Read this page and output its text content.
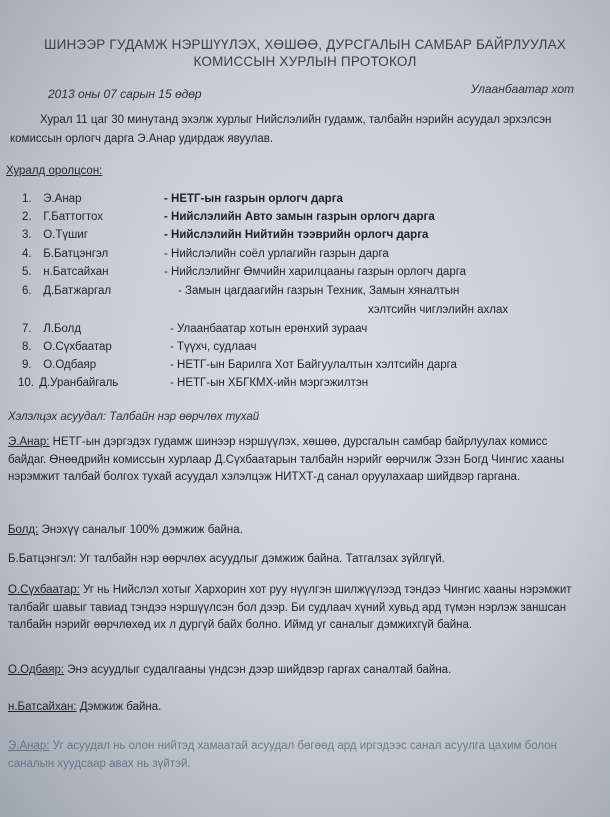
ШИНЭЭР ГУДАМЖ НЭРШҮҮЛЭХ, ХӨШӨӨ, ДУРСГАЛЫН САМБАР БАЙРЛУУЛАХ
КОМИССЫН ХУРЛЫН ПРОТОКОЛ
2013 оны 07 сарын 15 өдөр	Улаанбаатар хот
Хурал 11 цаг 30 минутанд эхэлж хурлыг Нийслэлийн гудамж, талбайн нэрийн асуудал эрхэлсэн комиссын орлогч дарга Э.Анар удирдаж явуулав.
Хуралд оролцсон:
1. Э.Анар	- НЕТГ-ын газрын орлогч дарга
2. Г.Баттогтох	- Нийслэлийн Авто замын газрын орлогч дарга
3. О.Түшиг	- Нийслэлийн Нийтийн тээврийн орлогч дарга
4. Б.Батцэнгэл	- Нийслэлийн соёл урлагийн газрын дарга
5. н.Батсайхан	- Нийслэлийнг Өмчийн харилцааны газрын орлогч дарга
6. Д.Батжаргал	- Замын цагдаагийн газрын Техник, Замын хяналтын
хэлтсийн чиглэлийн ахлах
7. Л.Болд	- Улаанбаатар хотын ерөнхий зураач
8. О.Сүхбаатар	- Түүхч, судлаач
9. О.Одбаяр	- НЕТГ-ын Барилга Хот Байгуулалтын хэлтсийн дарга
10. Д.Уранбайгаль	- НЕТГ-ын ХБГКМХ-ийн мэргэжилтэн
Хэлэлцэх асуудал: Талбайн нэр өөрчлөх тухай
Э.Анар: НЕТГ-ын дэргэдэх гудамж шинээр нэршүүлэх, хөшөө, дурсгалын самбар байрлуулах комисс байдаг. Өнөөдрийн комиссын хурлаар Д.Сүхбаатарын талбайн нэрийг өөрчилж Эзэн Богд Чингис хааны нэрэмжит талбай болгох тухай асуудал хэлэлцэж НИТХТ-д санал оруулахаар шийдвэр гаргана.
Болд: Энэхүү саналыг 100% дэмжиж байна.
Б.Батцэнгэл: Уг талбайн нэр өөрчлөх асуудлыг дэмжиж байна. Татгалзах зүйлгүй.
О.Сүхбаатар: Уг нь Нийслэл хотыг Хархорин хот руу нүүлгэн шилжүүлээд тэндээ Чингис хааны нэрэмжит талбайг шавыг тавиад тэндээ нэршүүлсэн бол дээр. Би судлаач хүний хувьд ард түмэн нэрлэж заншсан талбайн нэрийг өөрчлөхөд их л дургүй байх болно. Иймд уг саналыг дэмжихгүй байна.
О.Одбаяр: Энэ асуудлыг судалгааны үндсэн дээр шийдвэр гаргах санaлтай байна.
н.Батсайхан: Дэмжиж байна.
Э.Анар: Уг асуудал нь олон нийтэд хамаатай асуудал бөгөөд ард иргэдээс санал асуулга цахим болон саналын хуудсаар авах нь зүйтэй.
